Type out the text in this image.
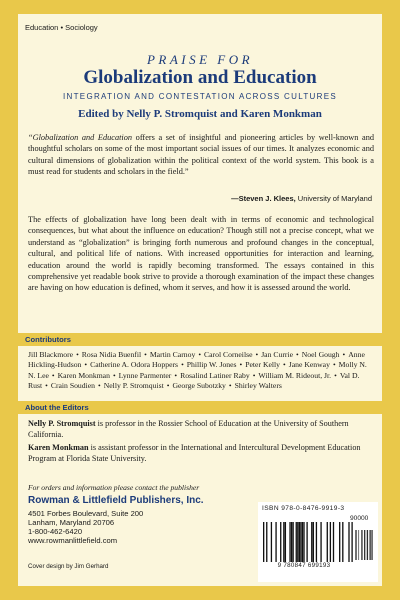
Education • Sociology
PRAISE FOR
Globalization and Education
INTEGRATION AND CONTESTATION ACROSS CULTURES
Edited by Nelly P. Stromquist and Karen Monkman
“Globalization and Education offers a set of insightful and pioneering articles by well-known and thoughtful scholars on some of the most important social issues of our times. It analyzes economic and cultural dimensions of globalization within the political context of the world system. This book is a must read for students and scholars in the field.”
—Steven J. Klees, University of Maryland
The effects of globalization have long been dealt with in terms of economic and technological consequences, but what about the influence on education? Though still not a precise concept, what we understand as “globalization” is bringing forth numerous and profound changes in the conceptual, cultural, and political life of nations. With increased opportunities for interaction and learning, education around the world is rapidly becoming transformed. The essays contained in this comprehensive yet readable book strive to provide a thorough examination of the impact these changes are having on how education is defined, whom it serves, and how it is assessed around the world.
Contributors
Jill Blackmore • Rosa Nidia Buenfil • Martin Carnoy • Carol Corneilse • Jan Currie • Noel Gough • Anne Hickling-Hudson • Catherine A. Odora Hoppers • Phillip W. Jones • Peter Kelly • Jane Kenway • Molly N. N. Lee • Karen Monkman • Lynne Parmenter • Rosalind Latiner Raby • William M. Rideout, Jr. • Val D. Rust • Crain Soudien • Nelly P. Stromquist • George Subotzky • Shirley Walters
About the Editors
Nelly P. Stromquist is professor in the Rossier School of Education at the University of Southern California.
Karen Monkman is assistant professor in the International and Intercultural Development Education Program at Florida State University.
For orders and information please contact the publisher
Rowman & Littlefield Publishers, Inc.
4501 Forbes Boulevard, Suite 200
Lanham, Maryland 20706
1-800-462-6420
www.rowmanlittlefield.com
Cover design by Jim Gerhard	9 780847 699193
ISBN 978-0-8476-9919-3
90000
